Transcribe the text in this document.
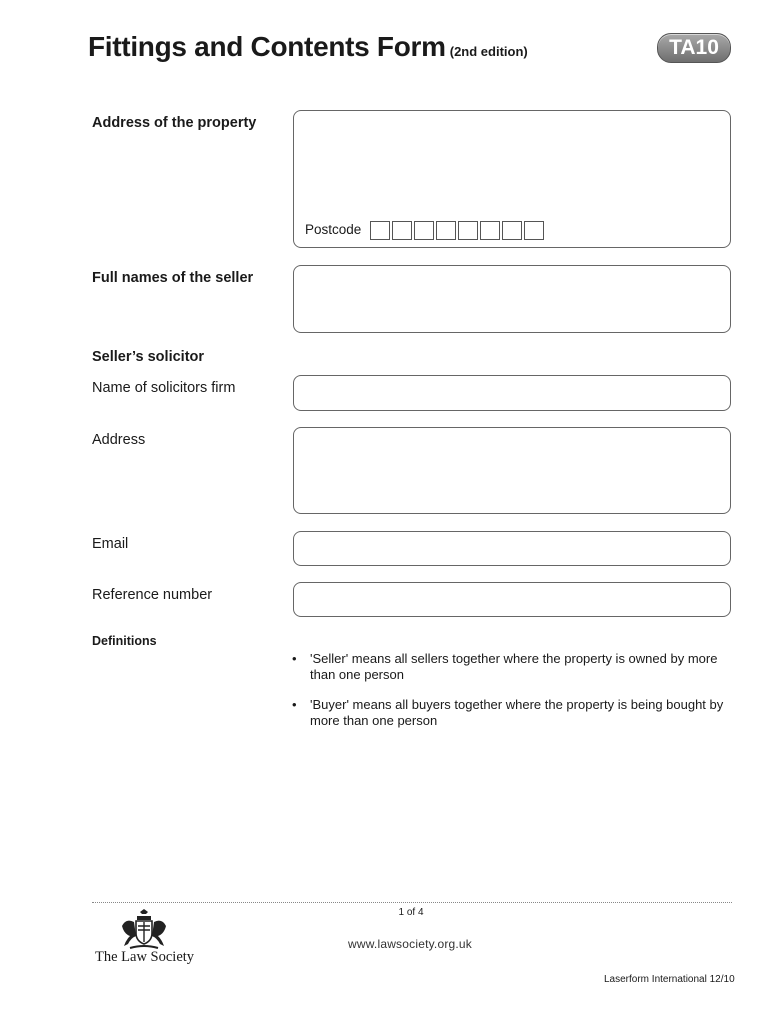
Fittings and Contents Form (2nd edition)	TA10
Address of the property
Postcode
Full names of the seller
Seller’s solicitor
Name of solicitors firm
Address
Email
Reference number
Definitions
•	'Seller' means all sellers together where the property is owned by more than one person
•	'Buyer' means all buyers together where the property is being bought by more than one person
1 of 4
www.lawsociety.org.uk
The Law Society
Laserform International 12/10
